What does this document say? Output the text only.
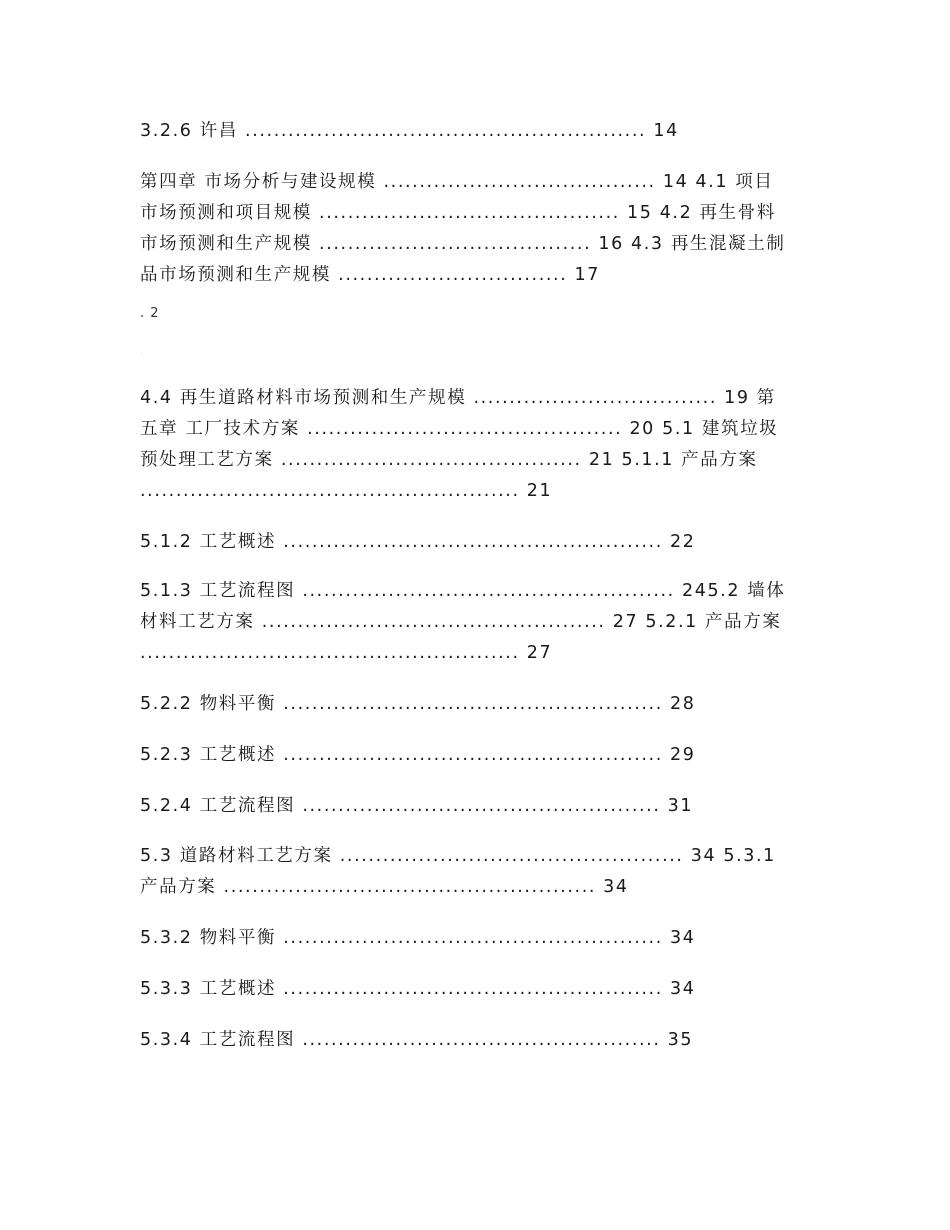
3.2.6 许昌 ........................................................ 14

第四章 市场分析与建设规模 ...................................... 14 4.1 项目
市场预测和项目规模 .......................................... 15 4.2 再生骨料
市场预测和生产规模 ...................................... 16 4.3 再生混凝土制
品市场预测和生产规模 ................................ 17

. 2
·

4.4 再生道路材料市场预测和生产规模 .................................. 19 第
五章 工厂技术方案 ............................................ 20 5.1 建筑垃圾
预处理工艺方案 .......................................... 21 5.1.1 产品方案
..................................................... 21

5.1.2 工艺概述 ..................................................... 22

5.1.3 工艺流程图 .................................................... 245.2 墙体
材料工艺方案 ................................................ 27 5.2.1 产品方案
..................................................... 27

5.2.2 物料平衡 ..................................................... 28

5.2.3 工艺概述 ..................................................... 29

5.2.4 工艺流程图 .................................................. 31

5.3 道路材料工艺方案 ................................................ 34 5.3.1
产品方案 .................................................... 34

5.3.2 物料平衡 ..................................................... 34

5.3.3 工艺概述 ..................................................... 34

5.3.4 工艺流程图 .................................................. 35
